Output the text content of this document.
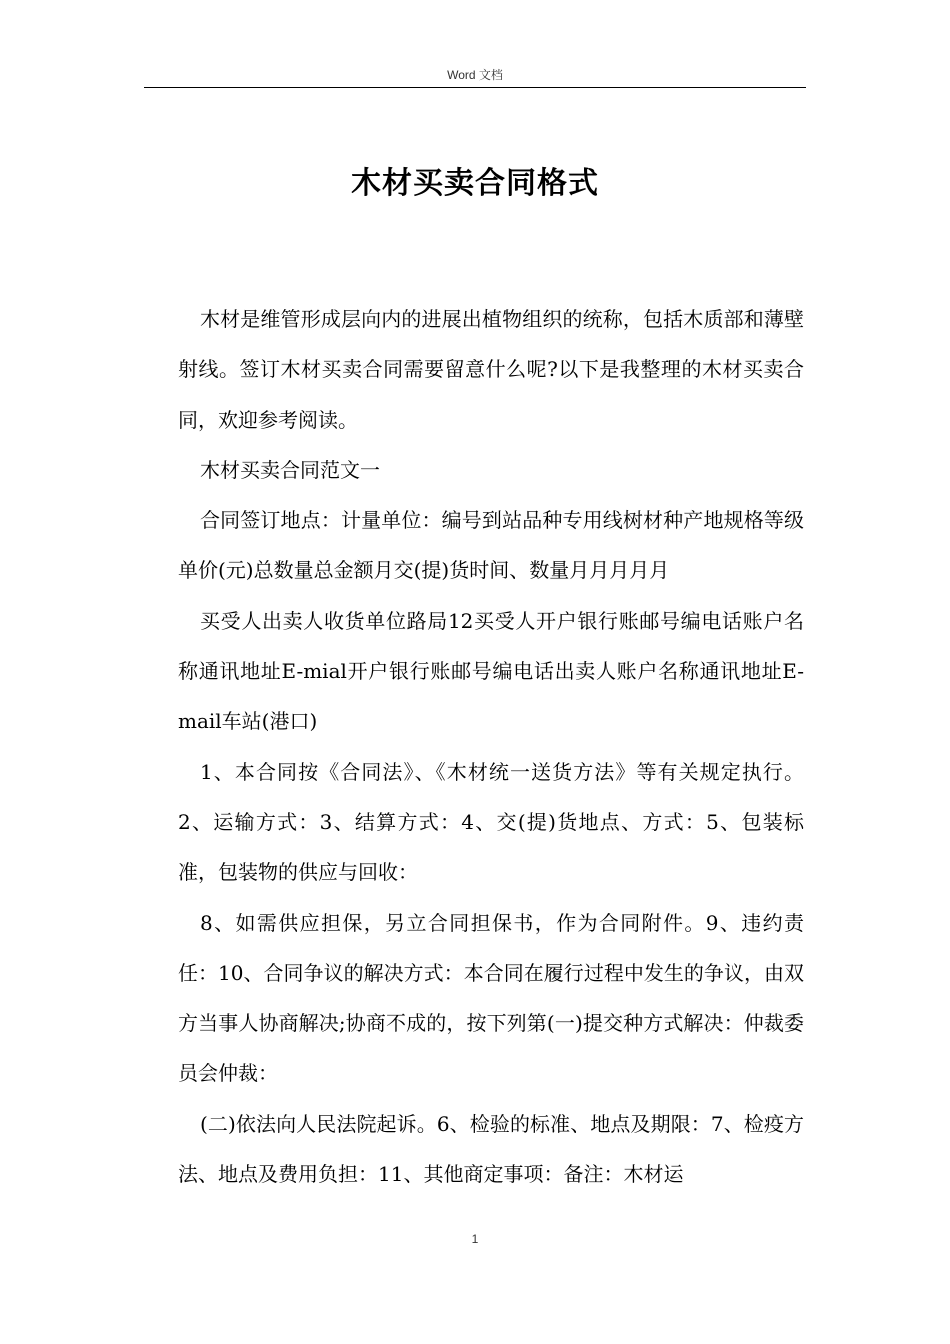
Word 文档
木材买卖合同格式

木材是维管形成层向内的进展出植物组织的统称，包括木质部和薄壁射线。签订木材买卖合同需要留意什么呢?以下是我整理的木材买卖合同，欢迎参考阅读。

木材买卖合同范文一

合同签订地点：计量单位：编号到站品种专用线树材种产地规格等级单价(元)总数量总金额月交(提)货时间、数量月月月月月

买受人出卖人收货单位路局12买受人开户银行账邮号编电话账户名称通讯地址E-mial开户银行账邮号编电话出卖人账户名称通讯地址E-mail车站(港口)

1、本合同按《合同法》、《木材统一送货方法》等有关规定执行。2、运输方式：3、结算方式：4、交(提)货地点、方式：5、包装标准，包装物的供应与回收：

8、如需供应担保，另立合同担保书，作为合同附件。9、违约责任：10、合同争议的解决方式：本合同在履行过程中发生的争议，由双方当事人协商解决;协商不成的，按下列第(一)提交种方式解决：仲裁委员会仲裁：

(二)依法向人民法院起诉。6、检验的标准、地点及期限：7、检疫方法、地点及费用负担：11、其他商定事项：备注：木材运

1
